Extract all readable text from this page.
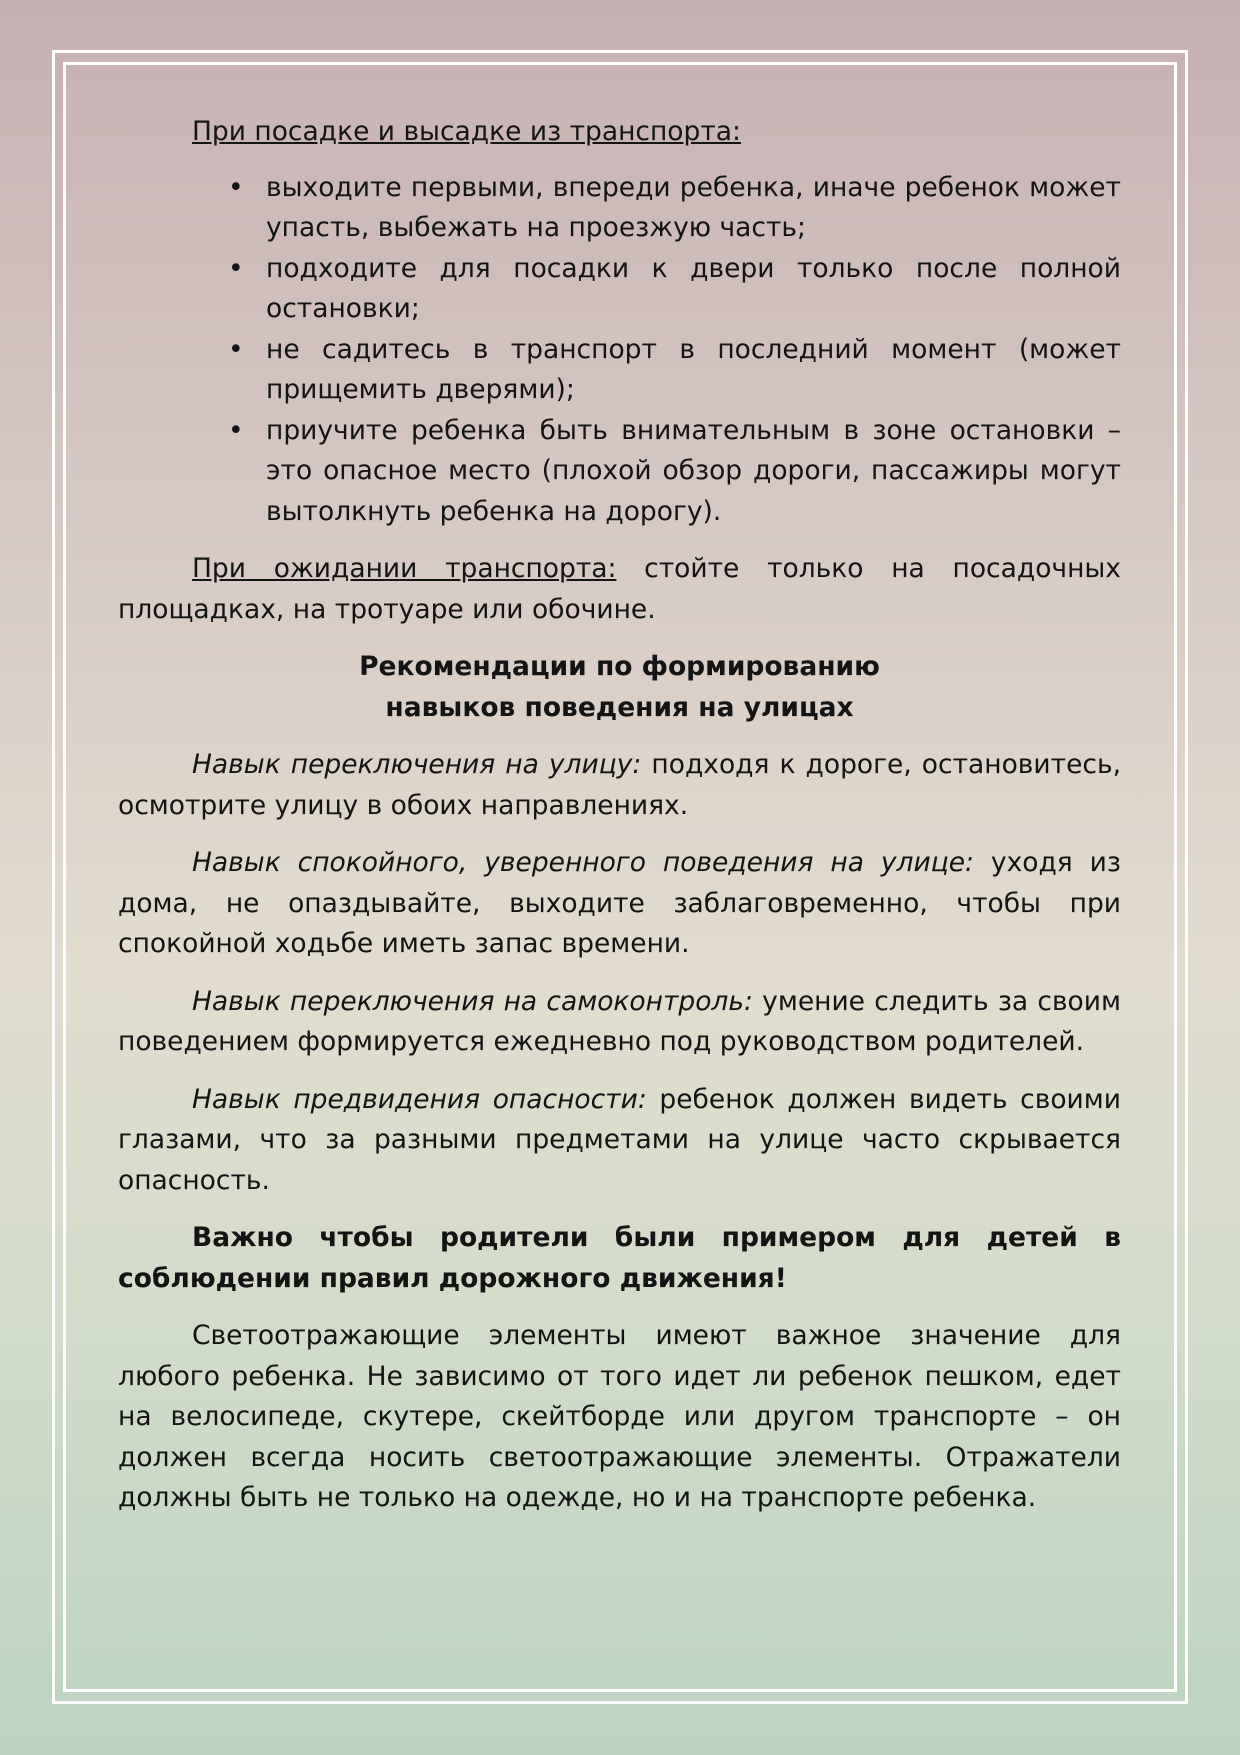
При посадке и высадке из транспорта:

• выходите первыми, впереди ребенка, иначе ребенок может упасть, выбежать на проезжую часть;
• подходите для посадки к двери только после полной остановки;
• не садитесь в транспорт в последний момент (может прищемить дверями);
• приучите ребенка быть внимательным в зоне остановки – это опасное место (плохой обзор дороги, пассажиры могут вытолкнуть ребенка на дорогу).

При ожидании транспорта: стойте только на посадочных площадках, на тротуаре или обочине.

Рекомендации по формированию
навыков поведения на улицах

Навык переключения на улицу: подходя к дороге, остановитесь, осмотрите улицу в обоих направлениях.

Навык спокойного, уверенного поведения на улице: уходя из дома, не опаздывайте, выходите заблаговременно, чтобы при спокойной ходьбе иметь запас времени.

Навык переключения на самоконтроль: умение следить за своим поведением формируется ежедневно под руководством родителей.

Навык предвидения опасности: ребенок должен видеть своими глазами, что за разными предметами на улице часто скрывается опасность.

Важно чтобы родители были примером для детей в соблюдении правил дорожного движения!

Светоотражающие элементы имеют важное значение для любого ребенка. Не зависимо от того идет ли ребенок пешком, едет на велосипеде, скутере, скейтборде или другом транспорте – он должен всегда носить светоотражающие элементы. Отражатели должны быть не только на одежде, но и на транспорте ребенка.
